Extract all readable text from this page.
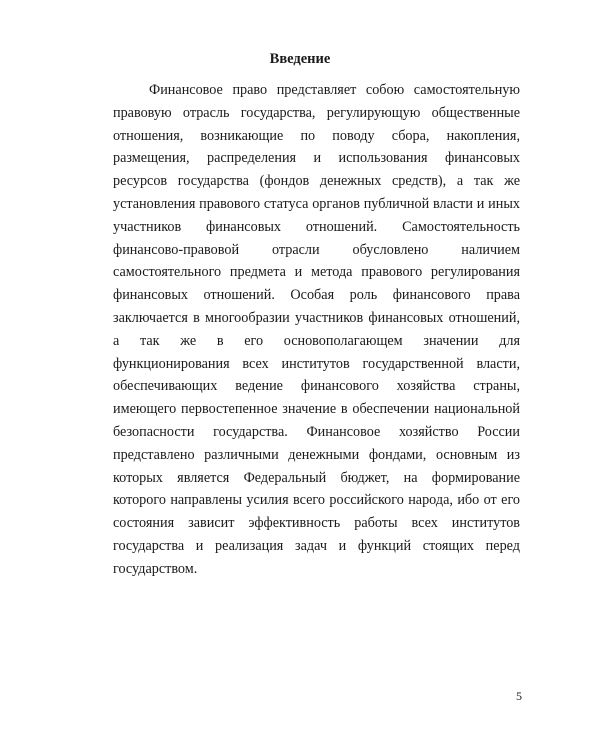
Введение

Финансовое право представляет собою самостоятельную правовую отрасль государства, регулирующую общественные отношения, возникающие по поводу сбора, накопления, размещения, распределения и использования финансовых ресурсов государства (фондов денежных средств), а так же установления правового статуса органов публичной власти и иных участников финансовых отношений. Самостоятельность финансово-правовой отрасли обусловлено наличием самостоятельного предмета и метода правового регулирования финансовых отношений. Особая роль финансового права заключается в многообразии участников финансовых отношений, а так же в его основополагающем значении для функционирования всех институтов государственной власти, обеспечивающих ведение финансового хозяйства страны, имеющего первостепенное значение в обеспечении национальной безопасности государства. Финансовое хозяйство России представлено различными денежными фондами, основным из которых является Федеральный бюджет, на формирование которого направлены усилия всего российского народа, ибо от его состояния зависит эффективность работы всех институтов государства и реализация задач и функций стоящих перед государством.

5
